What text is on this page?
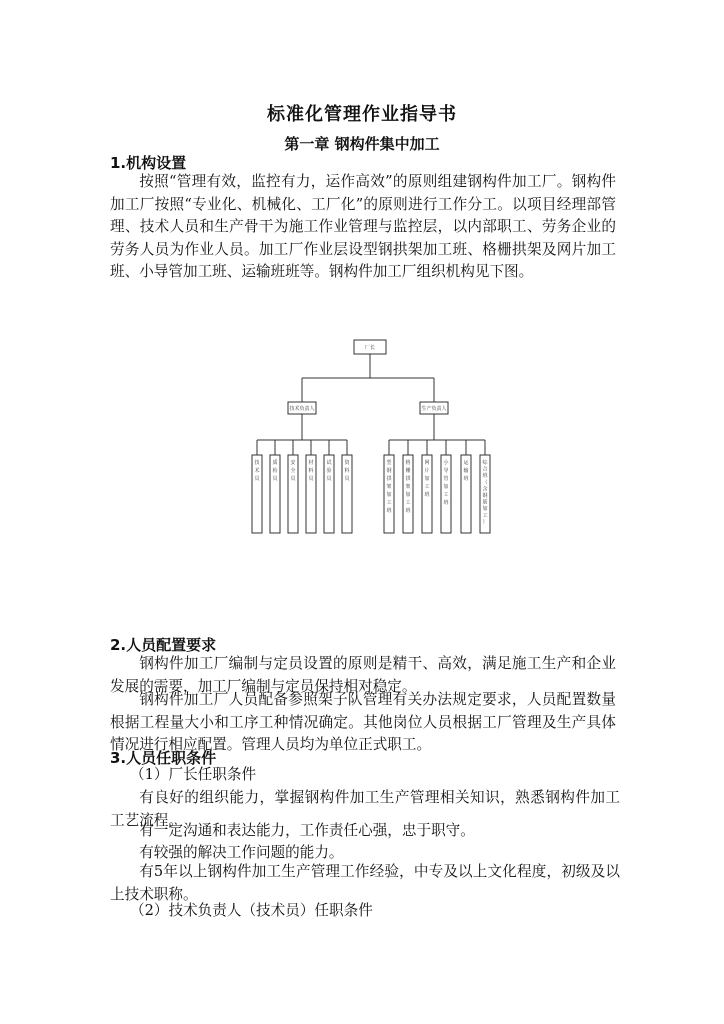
标准化管理作业指导书
第一章 钢构件集中加工
1.机构设置

按照“管理有效，监控有力，运作高效”的原则组建钢构件加工厂。钢构件加工厂按照“专业化、机械化、工厂化”的原则进行工作分工。以项目经理部管理、技术人员和生产骨干为施工作业管理与监控层，以内部职工、劳务企业的劳务人员为作业人员。加工厂作业层设型钢拱架加工班、格栅拱架及网片加工班、小导管加工班、运输班班等。钢构件加工厂组织机构见下图。

厂长
技术负责人	生产负责人
技术员
质检员
安全员
材料员
试验员
资料员
型钢拱架加工班
格栅拱架加工班
网片加工班
小导管加工班
运输班
综合班（含钢筋加工）
2.人员配置要求

钢构件加工厂编制与定员设置的原则是精干、高效，满足施工生产和企业发展的需要，加工厂编制与定员保持相对稳定。

钢构件加工厂人员配备参照架子队管理有关办法规定要求，人员配置数量根据工程量大小和工序工种情况确定。其他岗位人员根据工厂管理及生产具体情况进行相应配置。管理人员均为单位正式职工。

3.人员任职条件
（1）厂长任职条件

有良好的组织能力，掌握钢构件加工生产管理相关知识，熟悉钢构件加工工艺流程。

有一定沟通和表达能力，工作责任心强，忠于职守。

有较强的解决工作问题的能力。

有5年以上钢构件加工生产管理工作经验，中专及以上文化程度，初级及以上技术职称。

（2）技术负责人（技术员）任职条件
